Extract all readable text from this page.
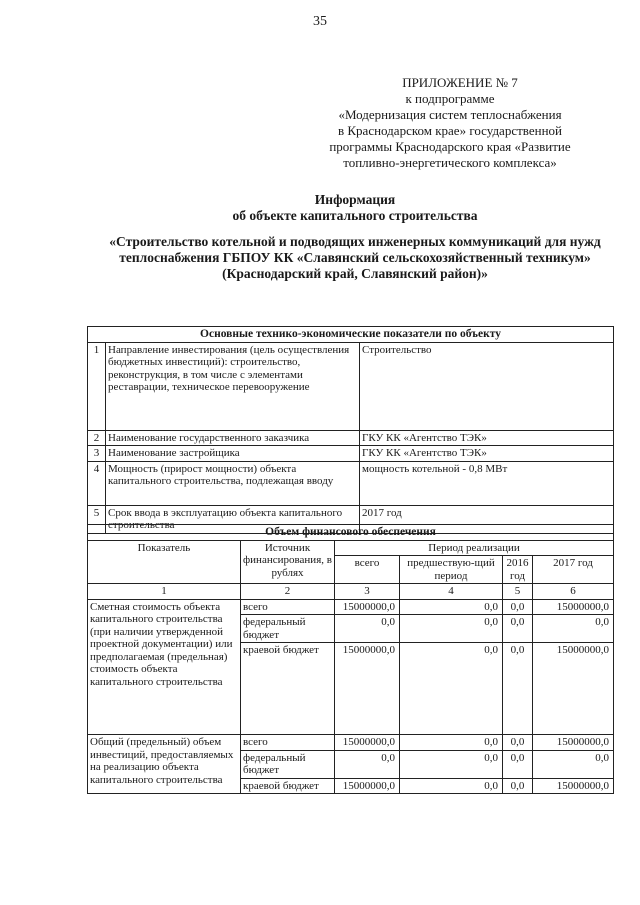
35
ПРИЛОЖЕНИЕ № 7
к подпрограмме
«Модернизация систем теплоснабжения
в Краснодарском крае» государственной
программы Краснодарского края «Развитие
топливно-энергетического комплекса»
Информация
об объекте капитального строительства
«Строительство котельной и подводящих инженерных коммуникаций для нужд теплоснабжения ГБПОУ КК «Славянский сельскохозяйственный техникум» (Краснодарский край, Славянский район)»
Основные технико-экономические показатели по объекту		
1	Направление инвестирования (цель осуществления бюджетных инвестиций): строительство, реконструкция, в том числе с элементами реставрации, техническое перевооружение	Строительство
2	Наименование государственного заказчика	ГКУ КК «Агентство ТЭК»
3	Наименование застройщика	ГКУ КК «Агентство ТЭК»
4	Мощность (прирост мощности) объекта капитального строительства, подлежащая вводу	мощность котельной - 0,8 МВт
5	Срок ввода в эксплуатацию объекта капитального строительства	2017 год
Объем финансового обеспечения					
Показатель	Источник финансирования, в рублях	Период реализации			
		всего	предшествую-щий период	2016 год	2017 год
1	2	3	4	5	6
Сметная стоимость объекта капитального строительства (при наличии утвержденной проектной документации) или предполагаемая (предельная) стоимость объекта капитального строительства	всего	15000000,0	0,0	0,0	15000000,0
	федеральный бюджет	0,0	0,0	0,0	0,0
	краевой бюджет	15000000,0	0,0	0,0	15000000,0
Общий (предельный) объем инвестиций, предоставляемых на реализацию объекта капитального строительства	всего	15000000,0	0,0	0,0	15000000,0
	федеральный бюджет	0,0	0,0	0,0	0,0
	краевой бюджет	15000000,0	0,0	0,0	15000000,0
